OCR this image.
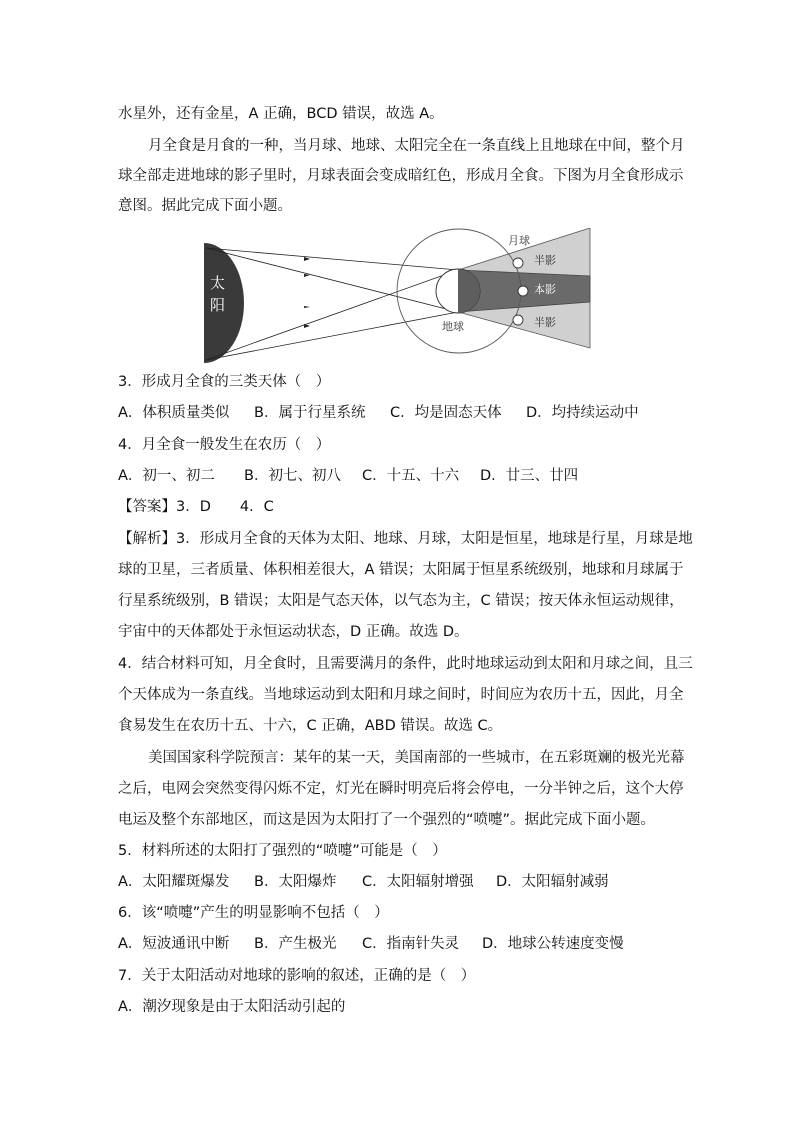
水星外，还有金星，A 正确，BCD 错误，故选 A。
月全食是月食的一种，当月球、地球、太阳完全在一条直线上且地球在中间，整个月
球全部走进地球的影子里时，月球表面会变成暗红色，形成月全食。下图为月全食形成示
意图。据此完成下面小题。
太
阳
月球
半影
本影
半影
地球
3．形成月全食的三类天体（　）
A．体积质量类似 B．属于行星系统 C．均是固态天体 D．均持续运动中
4．月全食一般发生在农历（　）
A．初一、初二 B．初七、初八 C．十五、十六 D．廿三、廿四
【答案】3．D　　4．C
【解析】3．形成月全食的天体为太阳、地球、月球，太阳是恒星，地球是行星，月球是地
球的卫星，三者质量、体积相差很大，A 错误；太阳属于恒星系统级别，地球和月球属于
行星系统级别，B 错误；太阳是气态天体，以气态为主，C 错误；按天体永恒运动规律，
宇宙中的天体都处于永恒运动状态，D 正确。故选 D。
4．结合材料可知，月全食时，且需要满月的条件，此时地球运动到太阳和月球之间，且三
个天体成为一条直线。当地球运动到太阳和月球之间时，时间应为农历十五，因此，月全
食易发生在农历十五、十六，C 正确，ABD 错误。故选 C。
美国国家科学院预言：某年的某一天，美国南部的一些城市，在五彩斑斓的极光光幕
之后，电网会突然变得闪烁不定，灯光在瞬时明亮后将会停电，一分半钟之后，这个大停
电运及整个东部地区，而这是因为太阳打了一个强烈的“喷嚏”。据此完成下面小题。
5．材料所述的太阳打了强烈的“喷嚏”可能是（　）
A．太阳耀斑爆发 B．太阳爆炸 C．太阳辐射增强 D．太阳辐射减弱
6．该“喷嚏”产生的明显影响不包括（　）
A．短波通讯中断 B．产生极光 C．指南针失灵 D．地球公转速度变慢
7．关于太阳活动对地球的影响的叙述，正确的是（　）
A．潮汐现象是由于太阳活动引起的
